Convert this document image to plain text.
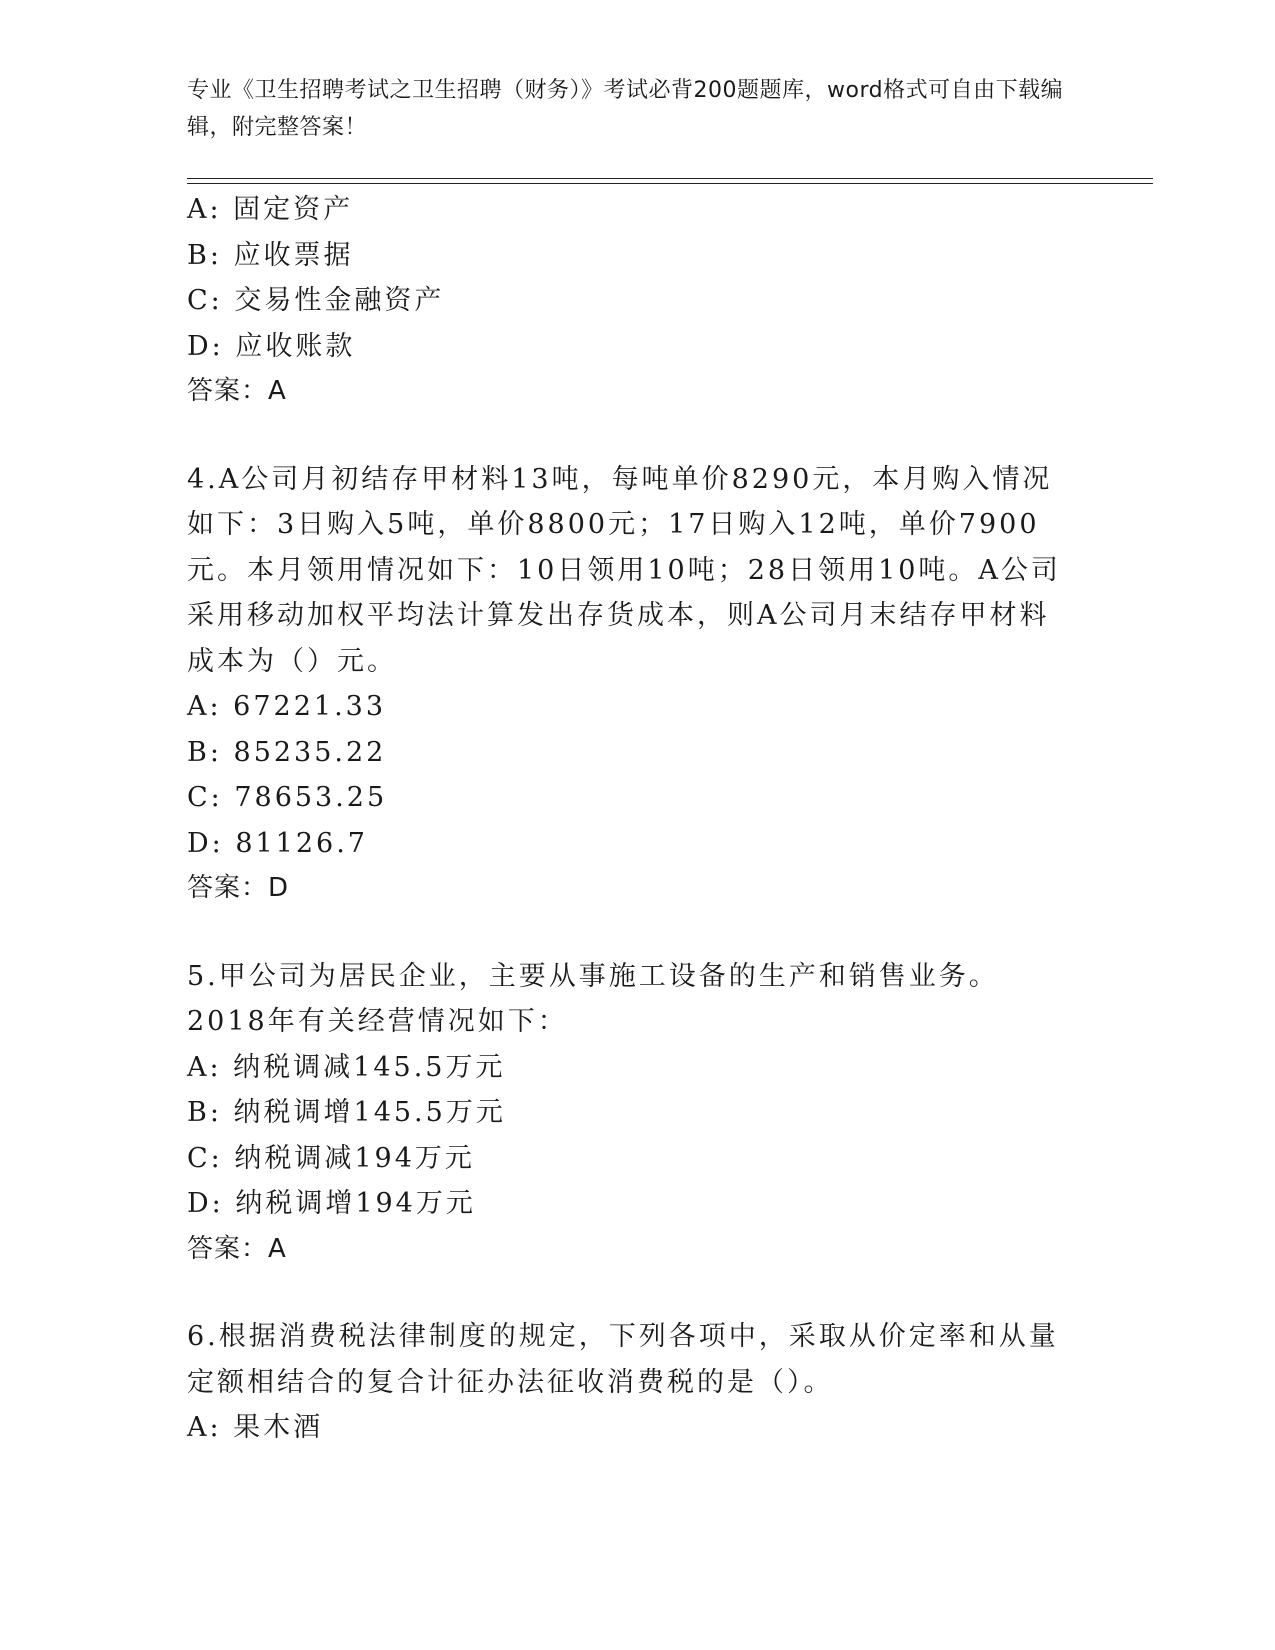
专业《卫生招聘考试之卫生招聘（财务）》考试必背200题题库，word格式可自由下载编辑，附完整答案！
A: 固定资产
B: 应收票据
C: 交易性金融资产
D: 应收账款
答案：A
4.A公司月初结存甲材料13吨，每吨单价8290元，本月购入情况如下：3日购入5吨，单价8800元；17日购入12吨，单价7900元。本月领用情况如下：10日领用10吨；28日领用10吨。A公司采用移动加权平均法计算发出存货成本，则A公司月末结存甲材料成本为（）元。
A: 67221.33
B: 85235.22
C: 78653.25
D: 81126.7
答案：D
5.甲公司为居民企业，主要从事施工设备的生产和销售业务。2018年有关经营情况如下：
A: 纳税调减145.5万元
B: 纳税调增145.5万元
C: 纳税调减194万元
D: 纳税调增194万元
答案：A
6.根据消费税法律制度的规定，下列各项中，采取从价定率和从量定额相结合的复合计征办法征收消费税的是（）。
A: 果木酒
